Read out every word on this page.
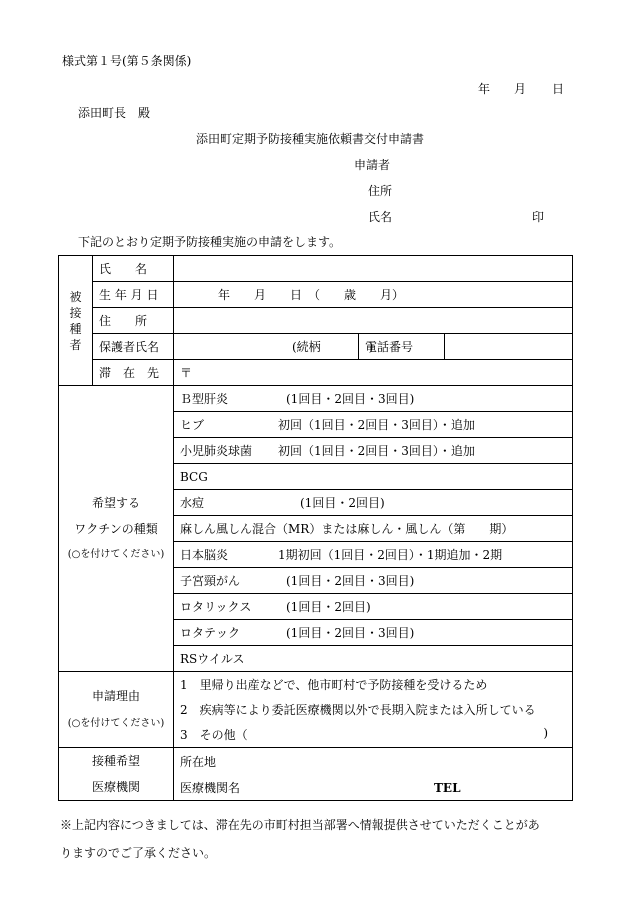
様式第１号(第５条関係)
年 月 日
添田町長　殿
添田町定期予防接種実施依頼書交付申請書
申請者
住所
氏名	印
下記のとおり定期予防接種実施の申請をします。
被接種者	氏　　名			
	生 年 月 日	年　　月　　日　（　　歳　　月）		
	住　　所			
	保護者氏名	(続柄　　　　)	電話番号	
	滞　在　先	〒		

希望する
ワクチンの種類
(○を付けてください)		Ｂ型肝炎 (1回目・2回目・3回目)		
		ヒブ 初回（1回目・2回目・3回目）・追加		
		小児肺炎球菌 初回（1回目・2回目・3回目）・追加		
		BCG		
		水痘 (1回目・2回目)		
		麻しん風しん混合（MR）または麻しん・風しん（第　　期）		
		日本脳炎 1期初回（1回目・2回目）・1期追加・2期		
		子宮頸がん (1回目・2回目・3回目)		
		ロタリックス (1回目・2回目)		
		ロタテック (1回目・2回目・3回目)		
		RSウイルス		

申請理由
(○を付けてください)		1　里帰り出産などで、他市町村で予防接種を受けるため		
		2　疾病等により委託医療機関以外で長期入院または入所している		
		3　その他（ )		

接種希望
医療機関		所在地		
		医療機関名 TEL		
※上記内容につきましては、滞在先の市町村担当部署へ情報提供させていただくことがあ
りますのでご了承ください。
